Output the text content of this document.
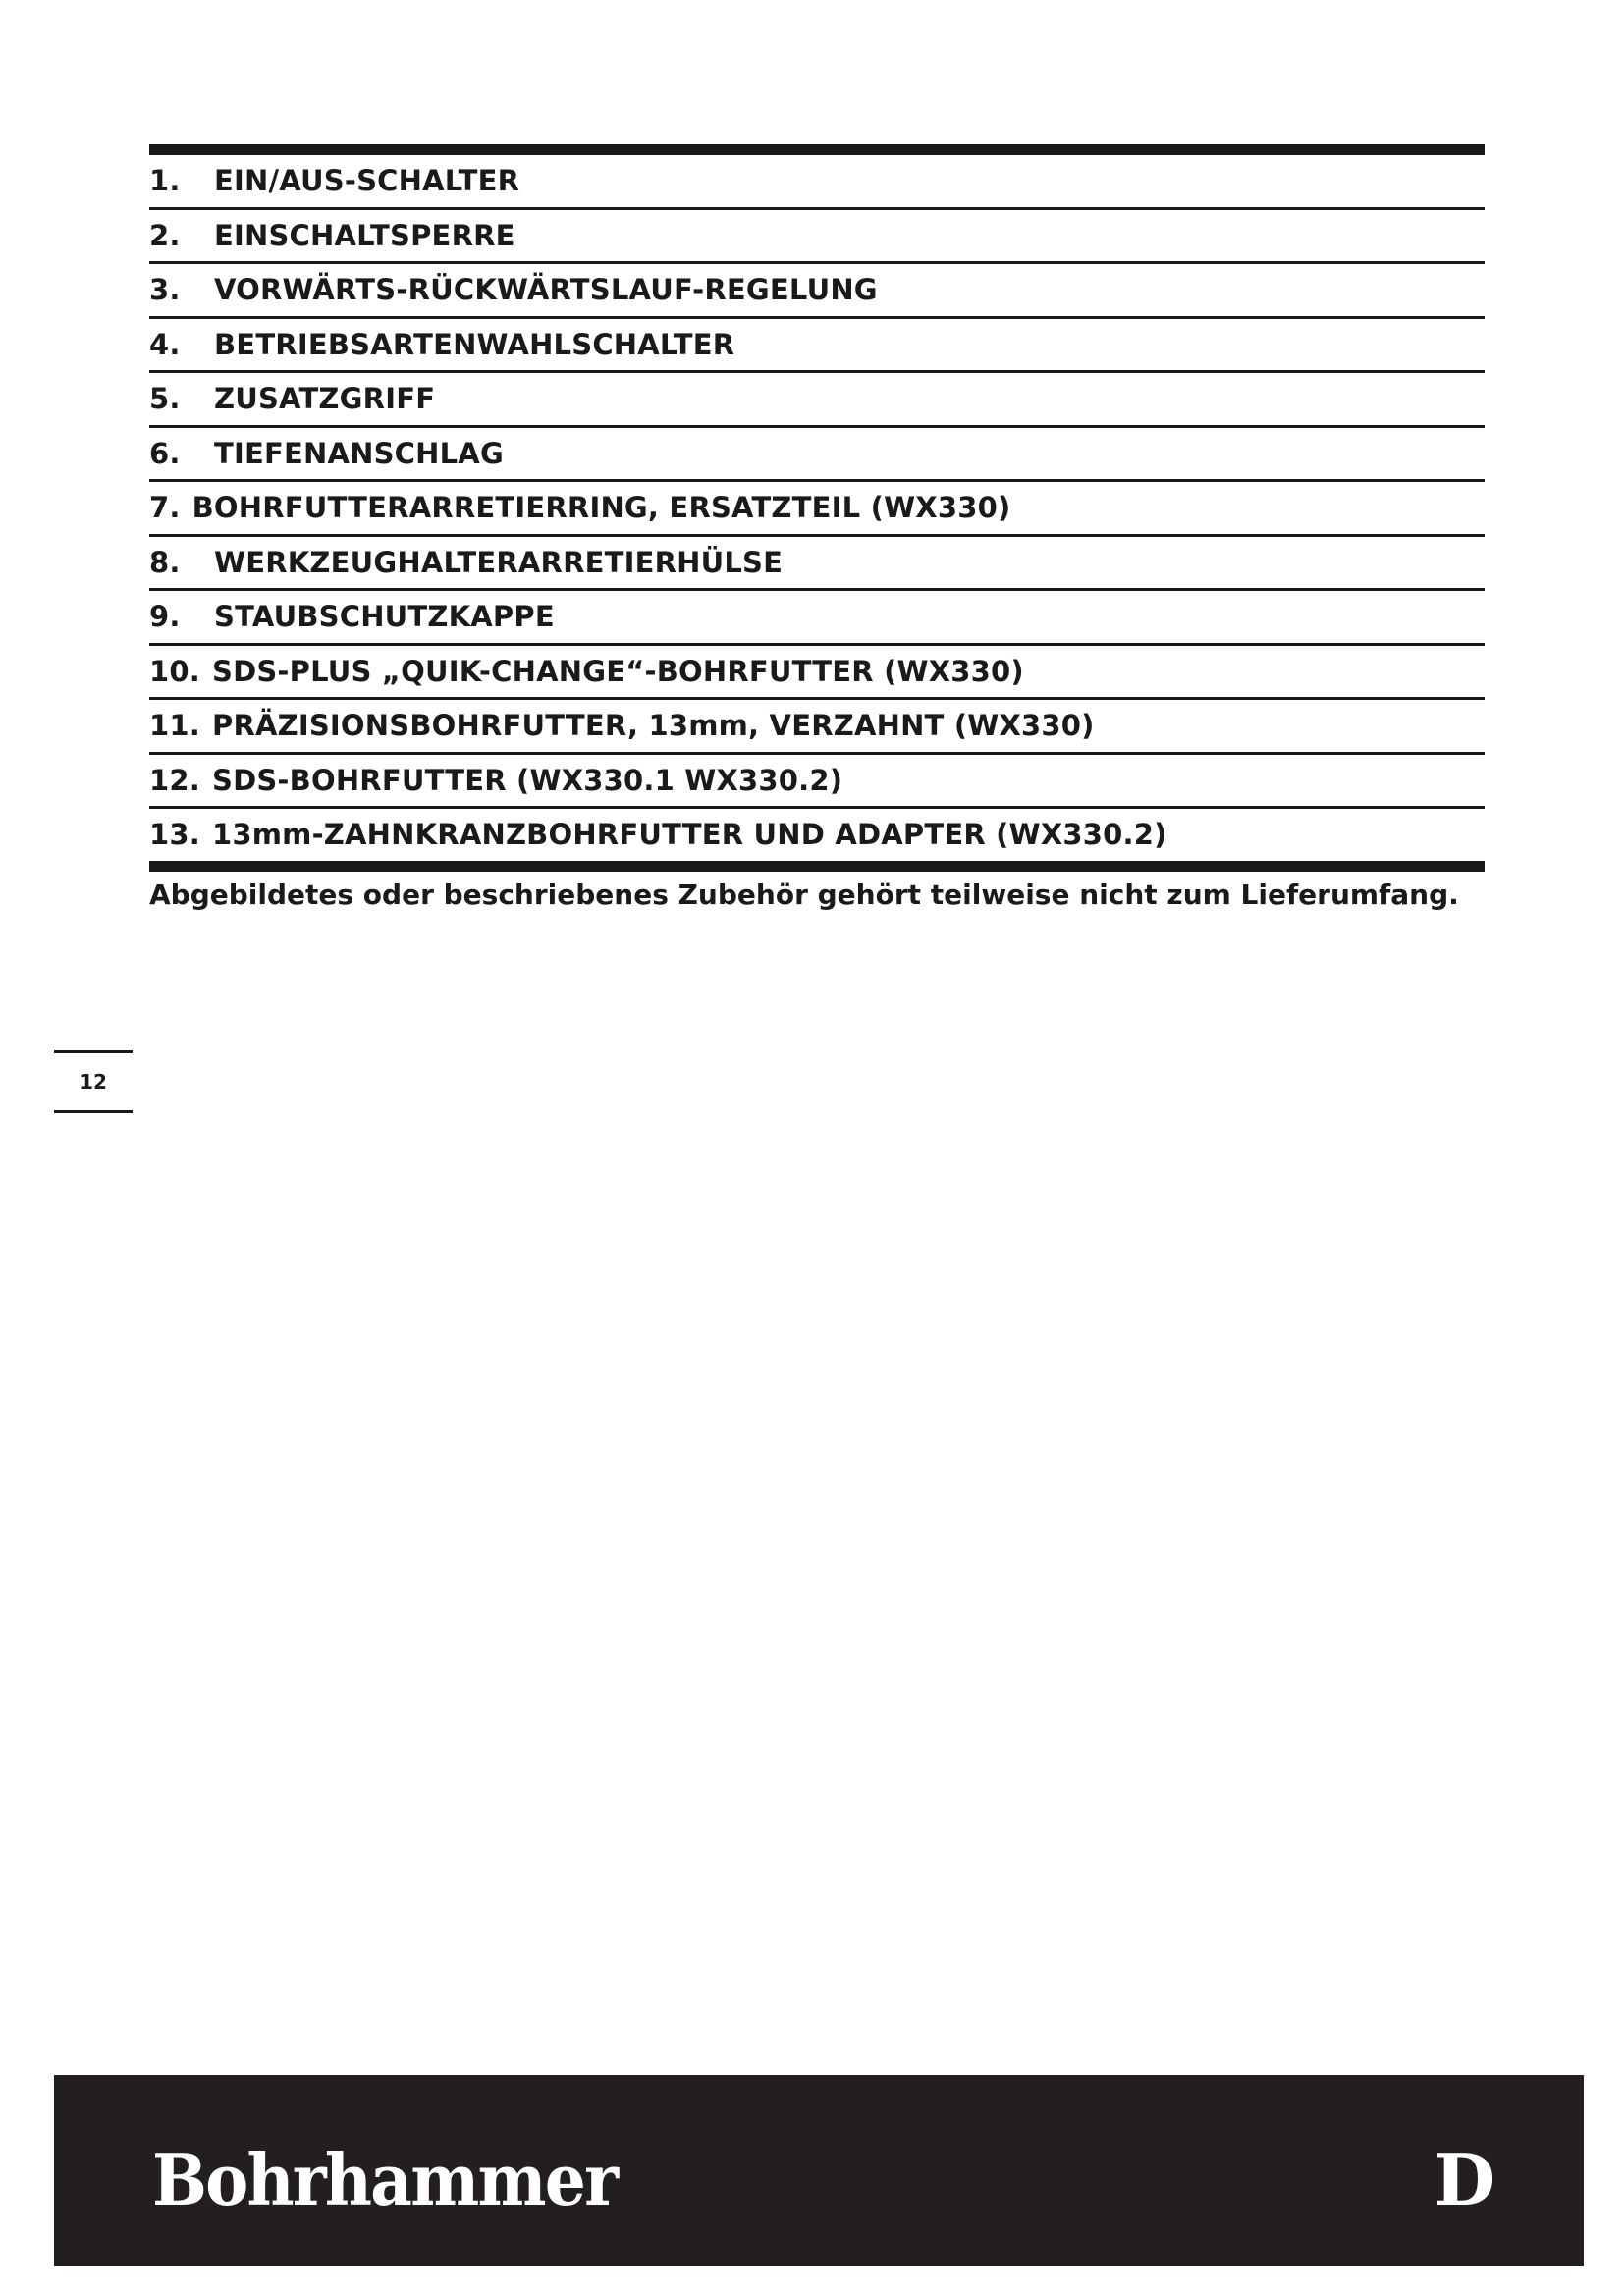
1.	EIN/AUS-SCHALTER
2.	EINSCHALTSPERRE
3.	VORWÄRTS-RÜCKWÄRTSLAUF-REGELUNG
4.	BETRIEBSARTENWAHLSCHALTER
5.	ZUSATZGRIFF
6.	TIEFENANSCHLAG
7. BOHRFUTTERARRETIERRING, ERSATZTEIL (WX330)
8.	WERKZEUGHALTERARRETIERHÜLSE
9.	STAUBSCHUTZKAPPE
10. SDS-PLUS „QUIK-CHANGE“-BOHRFUTTER (WX330)
11. PRÄZISIONSBOHRFUTTER, 13mm, VERZAHNT (WX330)
12. SDS-BOHRFUTTER (WX330.1 WX330.2)
13. 13mm-ZAHNKRANZBOHRFUTTER UND ADAPTER (WX330.2)
Abgebildetes oder beschriebenes Zubehör gehört teilweise nicht zum Lieferumfang.
12
Bohrhammer	D
